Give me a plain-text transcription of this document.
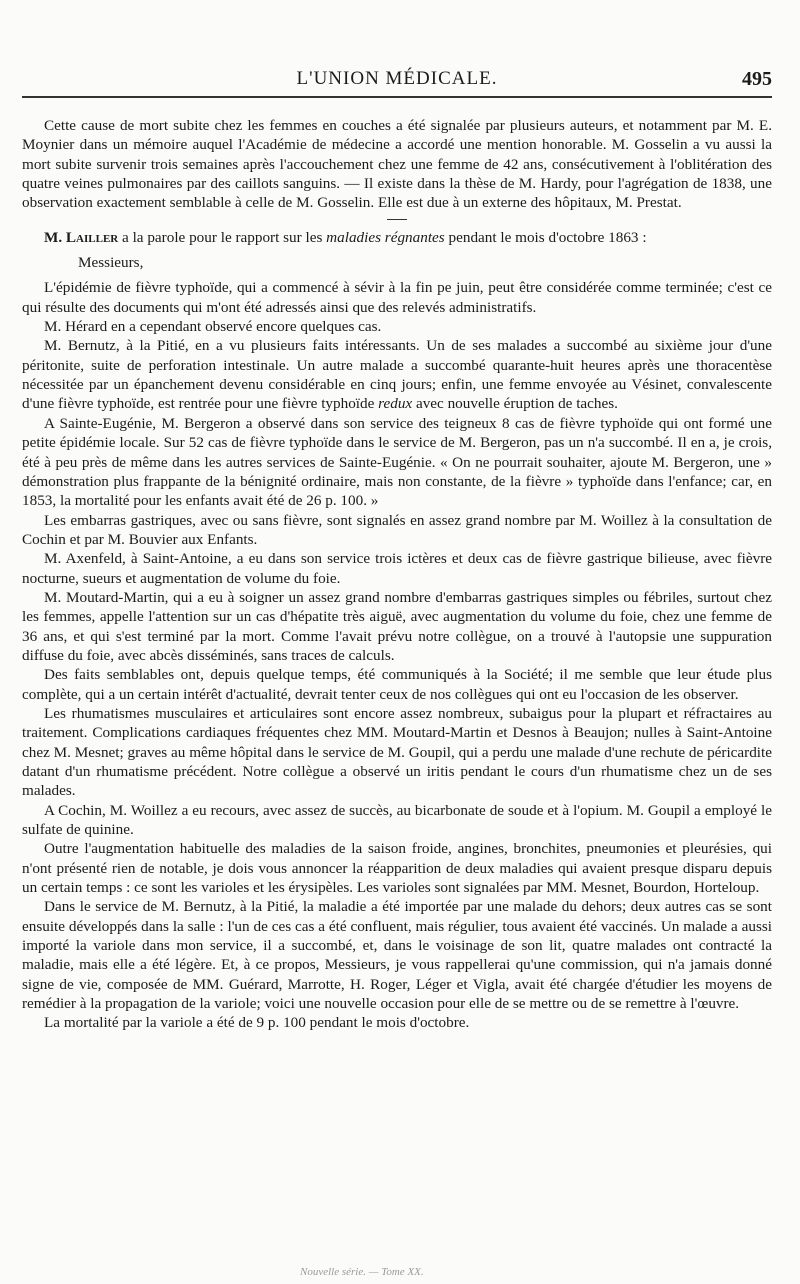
L'UNION MÉDICALE.	495

Cette cause de mort subite chez les femmes en couches a été signalée par plusieurs auteurs, et notamment par M. E. Moynier dans un mémoire auquel l'Académie de médecine a accordé une mention honorable. M. Gosselin a vu aussi la mort subite survenir trois semaines après l'accouchement chez une femme de 42 ans, consécutivement à l'oblitération des quatre veines pulmonaires par des caillots sanguins. — Il existe dans la thèse de M. Hardy, pour l'agrégation de 1838, une observation exactement semblable à celle de M. Gosselin. Elle est due à un externe des hôpitaux, M. Prestat.

M. Lailler a la parole pour le rapport sur les maladies régnantes pendant le mois d'octobre 1863 :

Messieurs,

L'épidémie de fièvre typhoïde, qui a commencé à sévir à la fin pe juin, peut être considérée comme terminée; c'est ce qui résulte des documents qui m'ont été adressés ainsi que des relevés administratifs.

M. Hérard en a cependant observé encore quelques cas.

M. Bernutz, à la Pitié, en a vu plusieurs faits intéressants. Un de ses malades a succombé au sixième jour d'une péritonite, suite de perforation intestinale. Un autre malade a succombé quarante-huit heures après une thoracentèse nécessitée par un épanchement devenu considérable en cinq jours; enfin, une femme envoyée au Vésinet, convalescente d'une fièvre typhoïde, est rentrée pour une fièvre typhoïde redux avec nouvelle éruption de taches.

A Sainte-Eugénie, M. Bergeron a observé dans son service des teigneux 8 cas de fièvre typhoïde qui ont formé une petite épidémie locale. Sur 52 cas de fièvre typhoïde dans le service de M. Bergeron, pas un n'a succombé. Il en a, je crois, été à peu près de même dans les autres services de Sainte-Eugénie. « On ne pourrait souhaiter, ajoute M. Bergeron, une » démonstration plus frappante de la bénignité ordinaire, mais non constante, de la fièvre » typhoïde dans l'enfance; car, en 1853, la mortalité pour les enfants avait été de 26 p. 100. »

Les embarras gastriques, avec ou sans fièvre, sont signalés en assez grand nombre par M. Woillez à la consultation de Cochin et par M. Bouvier aux Enfants.

M. Axenfeld, à Saint-Antoine, a eu dans son service trois ictères et deux cas de fièvre gastrique bilieuse, avec fièvre nocturne, sueurs et augmentation de volume du foie.

M. Moutard-Martin, qui a eu à soigner un assez grand nombre d'embarras gastriques simples ou fébriles, surtout chez les femmes, appelle l'attention sur un cas d'hépatite très aiguë, avec augmentation du volume du foie, chez une femme de 36 ans, et qui s'est terminé par la mort. Comme l'avait prévu notre collègue, on a trouvé à l'autopsie une suppuration diffuse du foie, avec abcès disséminés, sans traces de calculs.

Des faits semblables ont, depuis quelque temps, été communiqués à la Société; il me semble que leur étude plus complète, qui a un certain intérêt d'actualité, devrait tenter ceux de nos collègues qui ont eu l'occasion de les observer.

Les rhumatismes musculaires et articulaires sont encore assez nombreux, subaigus pour la plupart et réfractaires au traitement. Complications cardiaques fréquentes chez MM. Moutard-Martin et Desnos à Beaujon; nulles à Saint-Antoine chez M. Mesnet; graves au même hôpital dans le service de M. Goupil, qui a perdu une malade d'une rechute de péricardite datant d'un rhumatisme précédent. Notre collègue a observé un iritis pendant le cours d'un rhumatisme chez un de ses malades.

A Cochin, M. Woillez a eu recours, avec assez de succès, au bicarbonate de soude et à l'opium. M. Goupil a employé le sulfate de quinine.

Outre l'augmentation habituelle des maladies de la saison froide, angines, bronchites, pneumonies et pleurésies, qui n'ont présenté rien de notable, je dois vous annoncer la réapparition de deux maladies qui avaient presque disparu depuis un certain temps : ce sont les varioles et les érysipèles. Les varioles sont signalées par MM. Mesnet, Bourdon, Horteloup.

Dans le service de M. Bernutz, à la Pitié, la maladie a été importée par une malade du dehors; deux autres cas se sont ensuite développés dans la salle : l'un de ces cas a été confluent, mais régulier, tous avaient été vaccinés. Un malade a aussi importé la variole dans mon service, il a succombé, et, dans le voisinage de son lit, quatre malades ont contracté la maladie, mais elle a été légère. Et, à ce propos, Messieurs, je vous rappellerai qu'une commission, qui n'a jamais donné signe de vie, composée de MM. Guérard, Marrotte, H. Roger, Léger et Vigla, avait été chargée d'étudier les moyens de remédier à la propagation de la variole; voici une nouvelle occasion pour elle de se mettre ou de se remettre à l'œuvre.

La mortalité par la variole a été de 9 p. 100 pendant le mois d'octobre.

Nouvelle série. — Tome XX.
